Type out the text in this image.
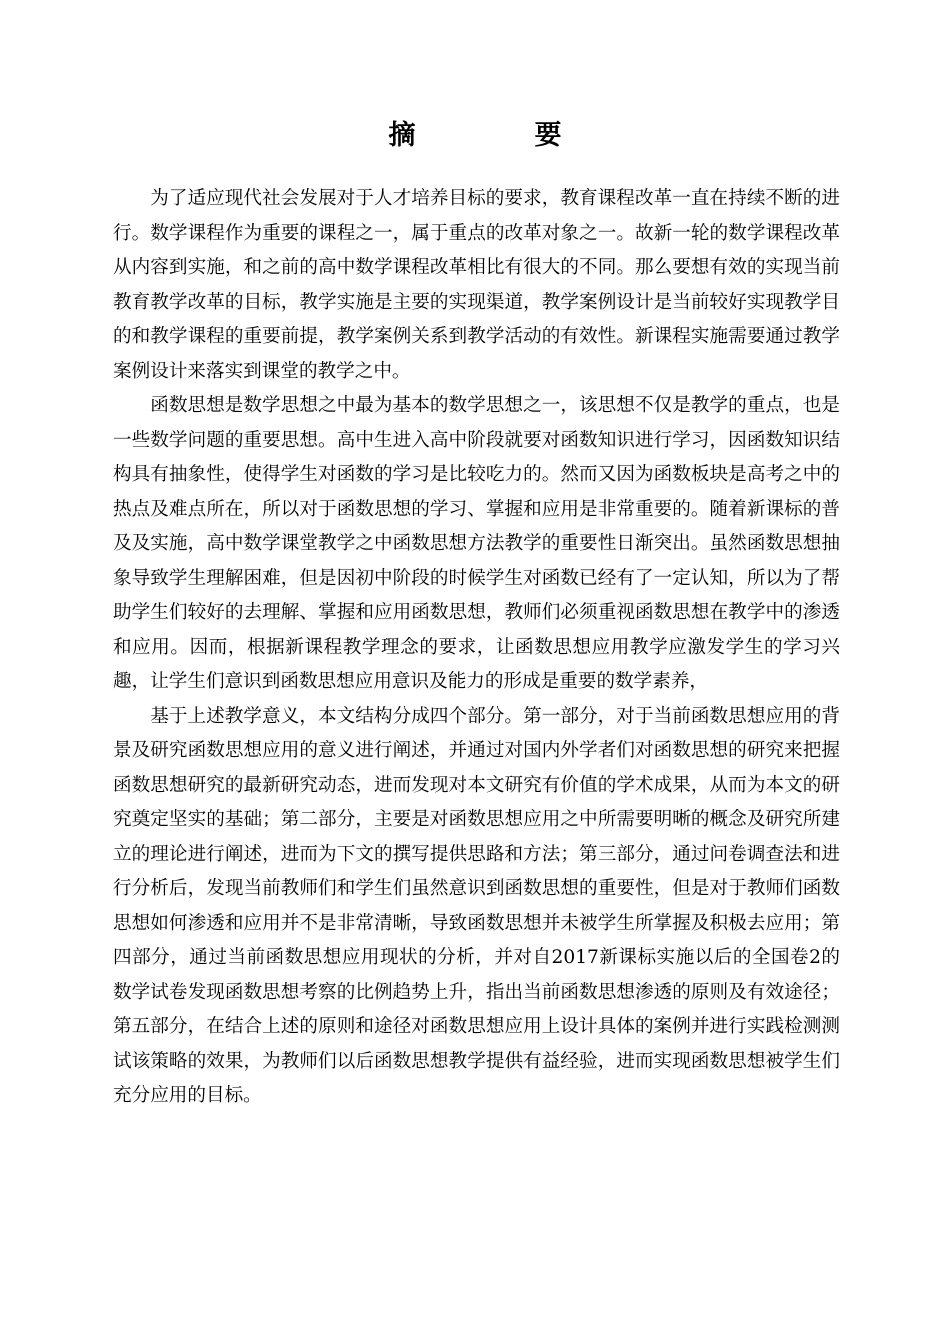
摘　要

为了适应现代社会发展对于人才培养目标的要求，教育课程改革一直在持续不断的进行。数学课程作为重要的课程之一，属于重点的改革对象之一。故新一轮的数学课程改革从内容到实施，和之前的高中数学课程改革相比有很大的不同。那么要想有效的实现当前教育教学改革的目标，教学实施是主要的实现渠道，教学案例设计是当前较好实现教学目的和教学课程的重要前提，教学案例关系到教学活动的有效性。新课程实施需要通过教学案例设计来落实到课堂的教学之中。

函数思想是数学思想之中最为基本的数学思想之一，该思想不仅是教学的重点，也是一些数学问题的重要思想。高中生进入高中阶段就要对函数知识进行学习，因函数知识结构具有抽象性，使得学生对函数的学习是比较吃力的。然而又因为函数板块是高考之中的热点及难点所在，所以对于函数思想的学习、掌握和应用是非常重要的。随着新课标的普及及实施，高中数学课堂教学之中函数思想方法教学的重要性日渐突出。虽然函数思想抽象导致学生理解困难，但是因初中阶段的时候学生对函数已经有了一定认知，所以为了帮助学生们较好的去理解、掌握和应用函数思想，教师们必须重视函数思想在教学中的渗透和应用。因而，根据新课程教学理念的要求，让函数思想应用教学应激发学生的学习兴趣，让学生们意识到函数思想应用意识及能力的形成是重要的数学素养，

基于上述教学意义，本文结构分成四个部分。第一部分，对于当前函数思想应用的背景及研究函数思想应用的意义进行阐述，并通过对国内外学者们对函数思想的研究来把握函数思想研究的最新研究动态，进而发现对本文研究有价值的学术成果，从而为本文的研究奠定坚实的基础；第二部分，主要是对函数思想应用之中所需要明晰的概念及研究所建立的理论进行阐述，进而为下文的撰写提供思路和方法；第三部分，通过问卷调查法和进行分析后，发现当前教师们和学生们虽然意识到函数思想的重要性，但是对于教师们函数思想如何渗透和应用并不是非常清晰，导致函数思想并未被学生所掌握及积极去应用；第四部分，通过当前函数思想应用现状的分析，并对自2017新课标实施以后的全国卷2的数学试卷发现函数思想考察的比例趋势上升，指出当前函数思想渗透的原则及有效途径；第五部分，在结合上述的原则和途径对函数思想应用上设计具体的案例并进行实践检测测试该策略的效果，为教师们以后函数思想教学提供有益经验，进而实现函数思想被学生们充分应用的目标。
